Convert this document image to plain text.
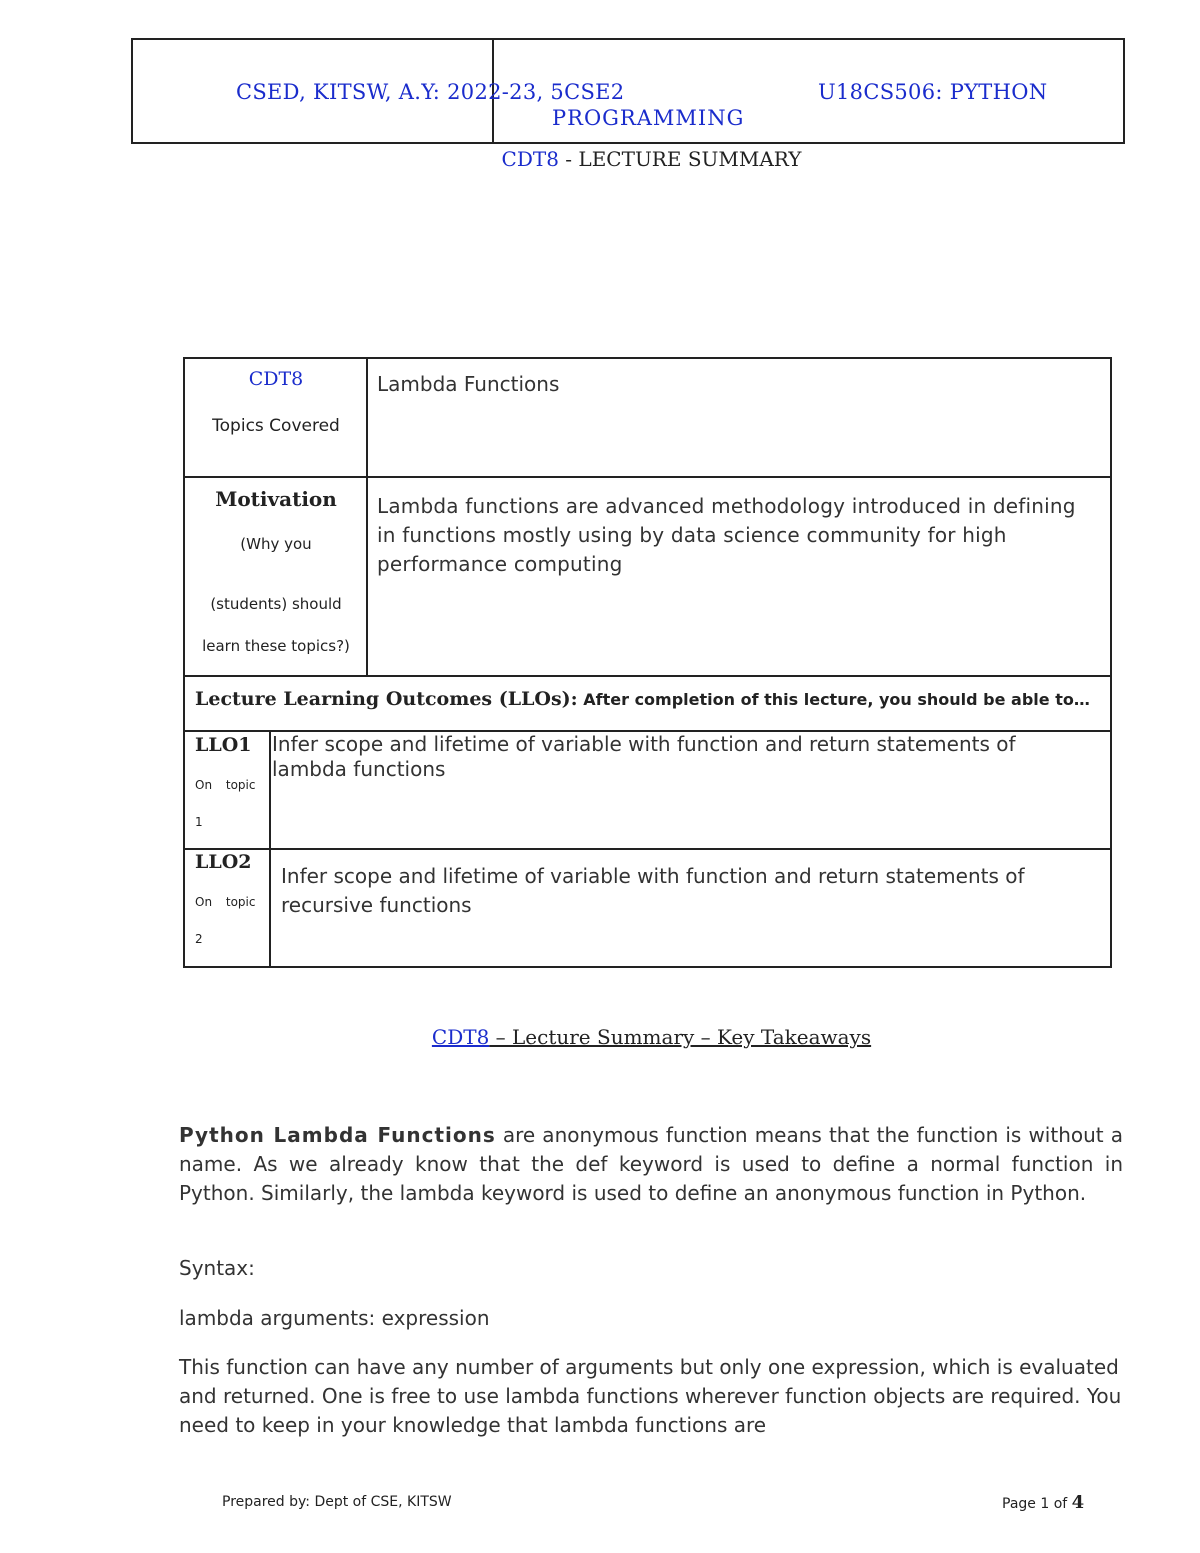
CSED, KITSW, A.Y: 2022-23, 5CSE2	U18CS506: PYTHON
PROGRAMMING
CDT8 - LECTURE SUMMARY
CDT8
Topics Covered
Lambda Functions
Motivation
(Why you
(students) should
learn these topics?)
Lambda functions are advanced methodology introduced in defining in functions mostly using by data science community for high performance computing
Lecture Learning Outcomes (LLOs): After completion of this lecture, you should be able to…
LLO1
On topic
1
Infer scope and lifetime of variable with function and return statements of lambda functions
LLO2
On topic
2
Infer scope and lifetime of variable with function and return statements of recursive functions
CDT8 – Lecture Summary – Key Takeaways
Python Lambda Functions are anonymous function means that the function is without a name. As we already know that the def keyword is used to define a normal function in Python. Similarly, the lambda keyword is used to define an anonymous function in Python.
Syntax:
lambda arguments: expression
This function can have any number of arguments but only one expression, which is evaluated and returned. One is free to use lambda functions wherever function objects are required. You need to keep in your knowledge that lambda functions are
Prepared by: Dept of CSE, KITSW	Page 1 of 4
